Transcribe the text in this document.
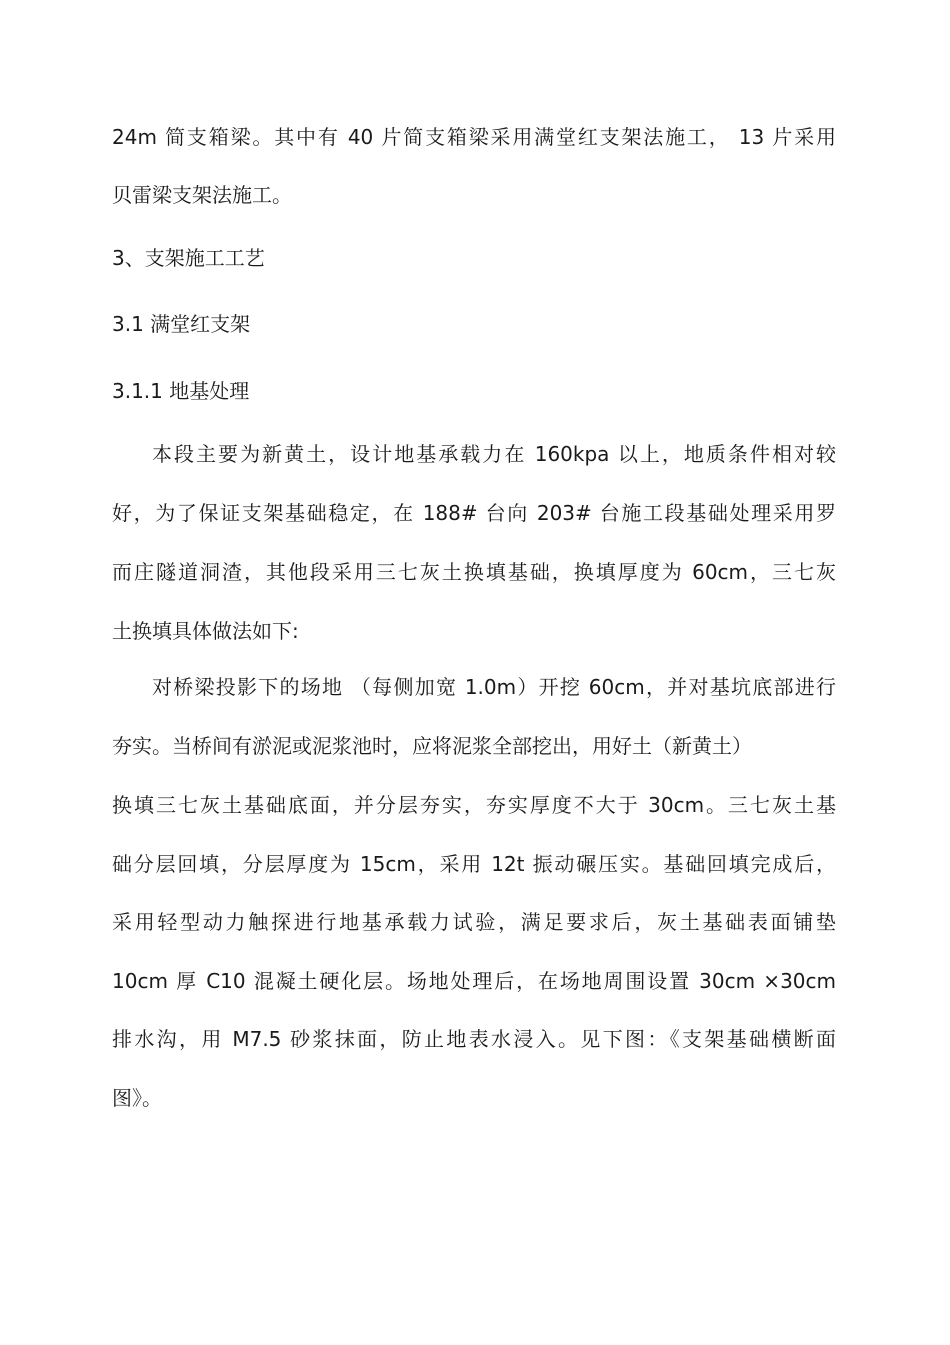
24m 简支箱梁。其中有 40 片简支箱梁采用满堂红支架法施工， 13 片采用
贝雷梁支架法施工。
3、支架施工工艺
3.1 满堂红支架
3.1.1 地基处理
本段主要为新黄土，设计地基承载力在 160kpa 以上，地质条件相对较
好，为了保证支架基础稳定，在 188# 台向 203# 台施工段基础处理采用罗
而庄隧道洞渣，其他段采用三七灰土换填基础，换填厚度为 60cm，三七灰
土换填具体做法如下:
对桥梁投影下的场地 （每侧加宽 1.0m）开挖 60cm，并对基坑底部进行
夯实。当桥间有淤泥或泥浆池时，应将泥浆全部挖出，用好土（新黄土）
换填三七灰土基础底面，并分层夯实，夯实厚度不大于 30cm。三七灰土基
础分层回填，分层厚度为 15cm，采用 12t 振动碾压实。基础回填完成后，
采用轻型动力触探进行地基承载力试验，满足要求后，灰土基础表面铺垫
10cm 厚 C10 混凝土硬化层。场地处理后，在场地周围设置 30cm ×30cm
排水沟，用 M7.5 砂浆抹面，防止地表水浸入。见下图：《支架基础横断面
图》。
